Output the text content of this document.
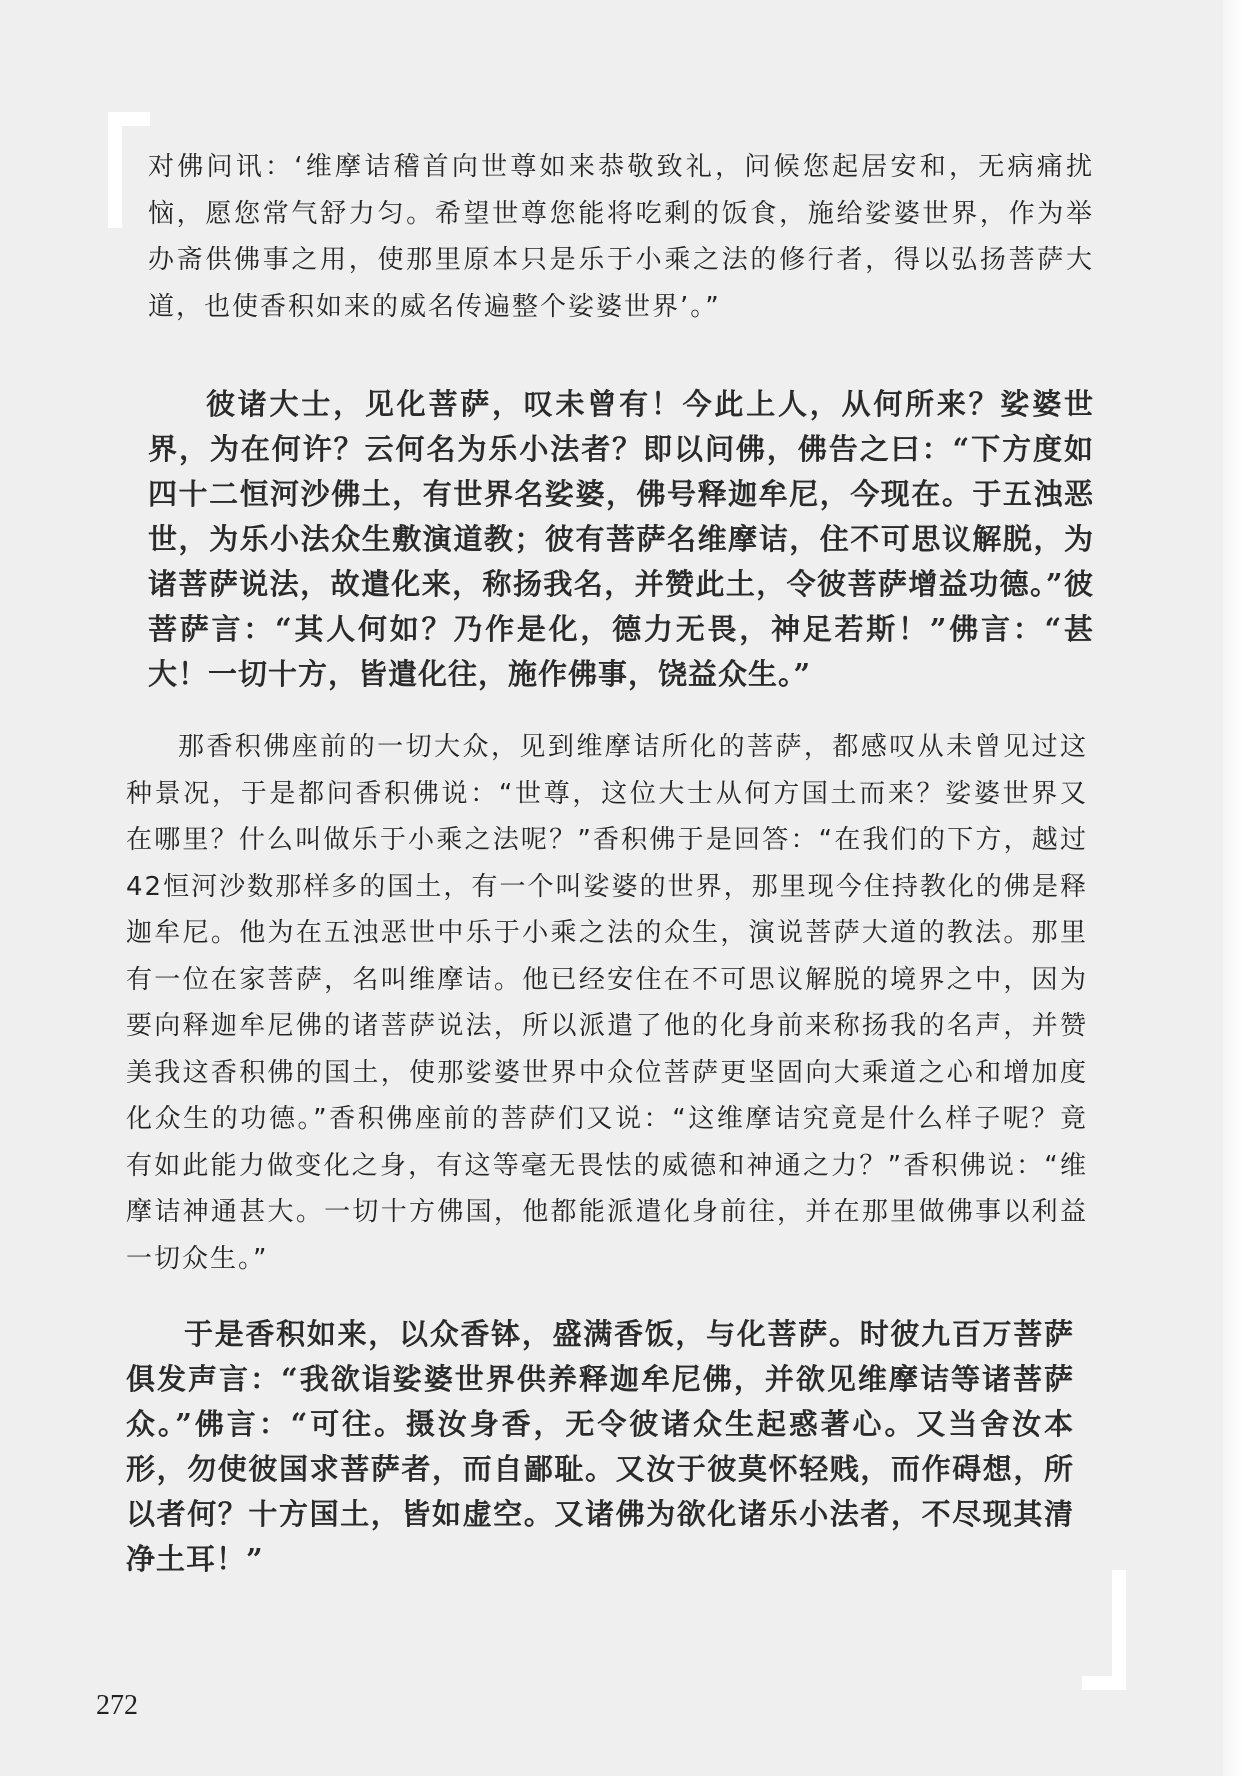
对佛问讯：‘维摩诘稽首向世尊如来恭敬致礼，问候您起居安和，无病痛扰恼，愿您常气舒力匀。希望世尊您能将吃剩的饭食，施给娑婆世界，作为举办斋供佛事之用，使那里原本只是乐于小乘之法的修行者，得以弘扬菩萨大道，也使香积如来的威名传遍整个娑婆世界’。”

彼诸大士，见化菩萨，叹未曾有！今此上人，从何所来？娑婆世界，为在何许？云何名为乐小法者？即以问佛，佛告之曰：“下方度如四十二恒河沙佛土，有世界名娑婆，佛号释迦牟尼，今现在。于五浊恶世，为乐小法众生敷演道教；彼有菩萨名维摩诘，住不可思议解脱，为诸菩萨说法，故遣化来，称扬我名，并赞此土，令彼菩萨增益功德。”彼菩萨言：“其人何如？乃作是化，德力无畏，神足若斯！”佛言：“甚大！一切十方，皆遣化往，施作佛事，饶益众生。”

那香积佛座前的一切大众，见到维摩诘所化的菩萨，都感叹从未曾见过这种景况，于是都问香积佛说：“世尊，这位大士从何方国土而来？娑婆世界又在哪里？什么叫做乐于小乘之法呢？”香积佛于是回答：“在我们的下方，越过42恒河沙数那样多的国土，有一个叫娑婆的世界，那里现今住持教化的佛是释迦牟尼。他为在五浊恶世中乐于小乘之法的众生，演说菩萨大道的教法。那里有一位在家菩萨，名叫维摩诘。他已经安住在不可思议解脱的境界之中，因为要向释迦牟尼佛的诸菩萨说法，所以派遣了他的化身前来称扬我的名声，并赞美我这香积佛的国土，使那娑婆世界中众位菩萨更坚固向大乘道之心和增加度化众生的功德。”香积佛座前的菩萨们又说：“这维摩诘究竟是什么样子呢？竟有如此能力做变化之身，有这等毫无畏怯的威德和神通之力？”香积佛说：“维摩诘神通甚大。一切十方佛国，他都能派遣化身前往，并在那里做佛事以利益一切众生。”

于是香积如来，以众香钵，盛满香饭，与化菩萨。时彼九百万菩萨俱发声言：“我欲诣娑婆世界供养释迦牟尼佛，并欲见维摩诘等诸菩萨众。”佛言：“可往。摄汝身香，无令彼诸众生起惑著心。又当舍汝本形，勿使彼国求菩萨者，而自鄙耻。又汝于彼莫怀轻贱，而作碍想，所以者何？十方国土，皆如虚空。又诸佛为欲化诸乐小法者，不尽现其清净土耳！”

272
